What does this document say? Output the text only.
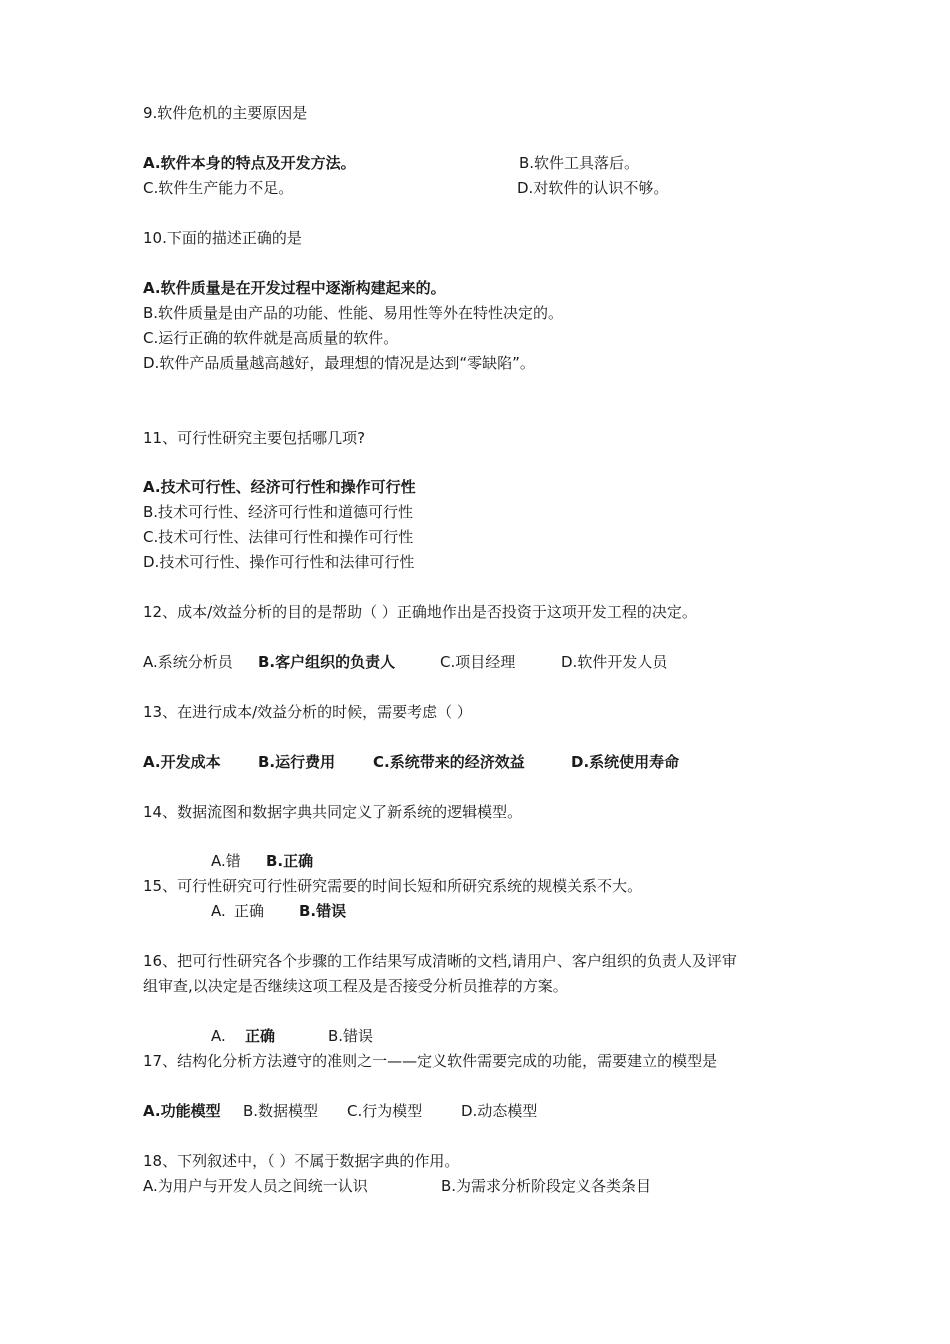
9.软件危机的主要原因是
A.软件本身的特点及开发方法。	B.软件工具落后。
C.软件生产能力不足。	D.对软件的认识不够。
10.下面的描述正确的是
A.软件质量是在开发过程中逐渐构建起来的。
B.软件质量是由产品的功能、性能、易用性等外在特性决定的。
C.运行正确的软件就是高质量的软件。
D.软件产品质量越高越好，最理想的情况是达到“零缺陷”。
11、可行性研究主要包括哪几项?
A.技术可行性、经济可行性和操作可行性
B.技术可行性、经济可行性和道德可行性
C.技术可行性、法律可行性和操作可行性
D.技术可行性、操作可行性和法律可行性
12、成本/效益分析的目的是帮助（ ）正确地作出是否投资于这项开发工程的决定。
A.系统分析员 B.客户组织的负责人	C.项目经理	D.软件开发人员
13、在进行成本/效益分析的时候，需要考虑（ ）
A.开发成本 B.运行费用	C.系统带来的经济效益	D.系统使用寿命
14、数据流图和数据字典共同定义了新系统的逻辑模型。
A.错 B.正确
15、可行性研究可行性研究需要的时间长短和所研究系统的规模关系不大。
A. 正确 B.错误
16、把可行性研究各个步骤的工作结果写成清晰的文档,请用户、客户组织的负责人及评审
组审查,以决定是否继续这项工程及是否接受分析员推荐的方案。
A. 正确	B.错误
17、结构化分析方法遵守的准则之一——定义软件需要完成的功能，需要建立的模型是
A.功能模型 B.数据模型 C.行为模型	D.动态模型
18、下列叙述中，（ ）不属于数据字典的作用。
A.为用户与开发人员之间统一认识	B.为需求分析阶段定义各类条目
